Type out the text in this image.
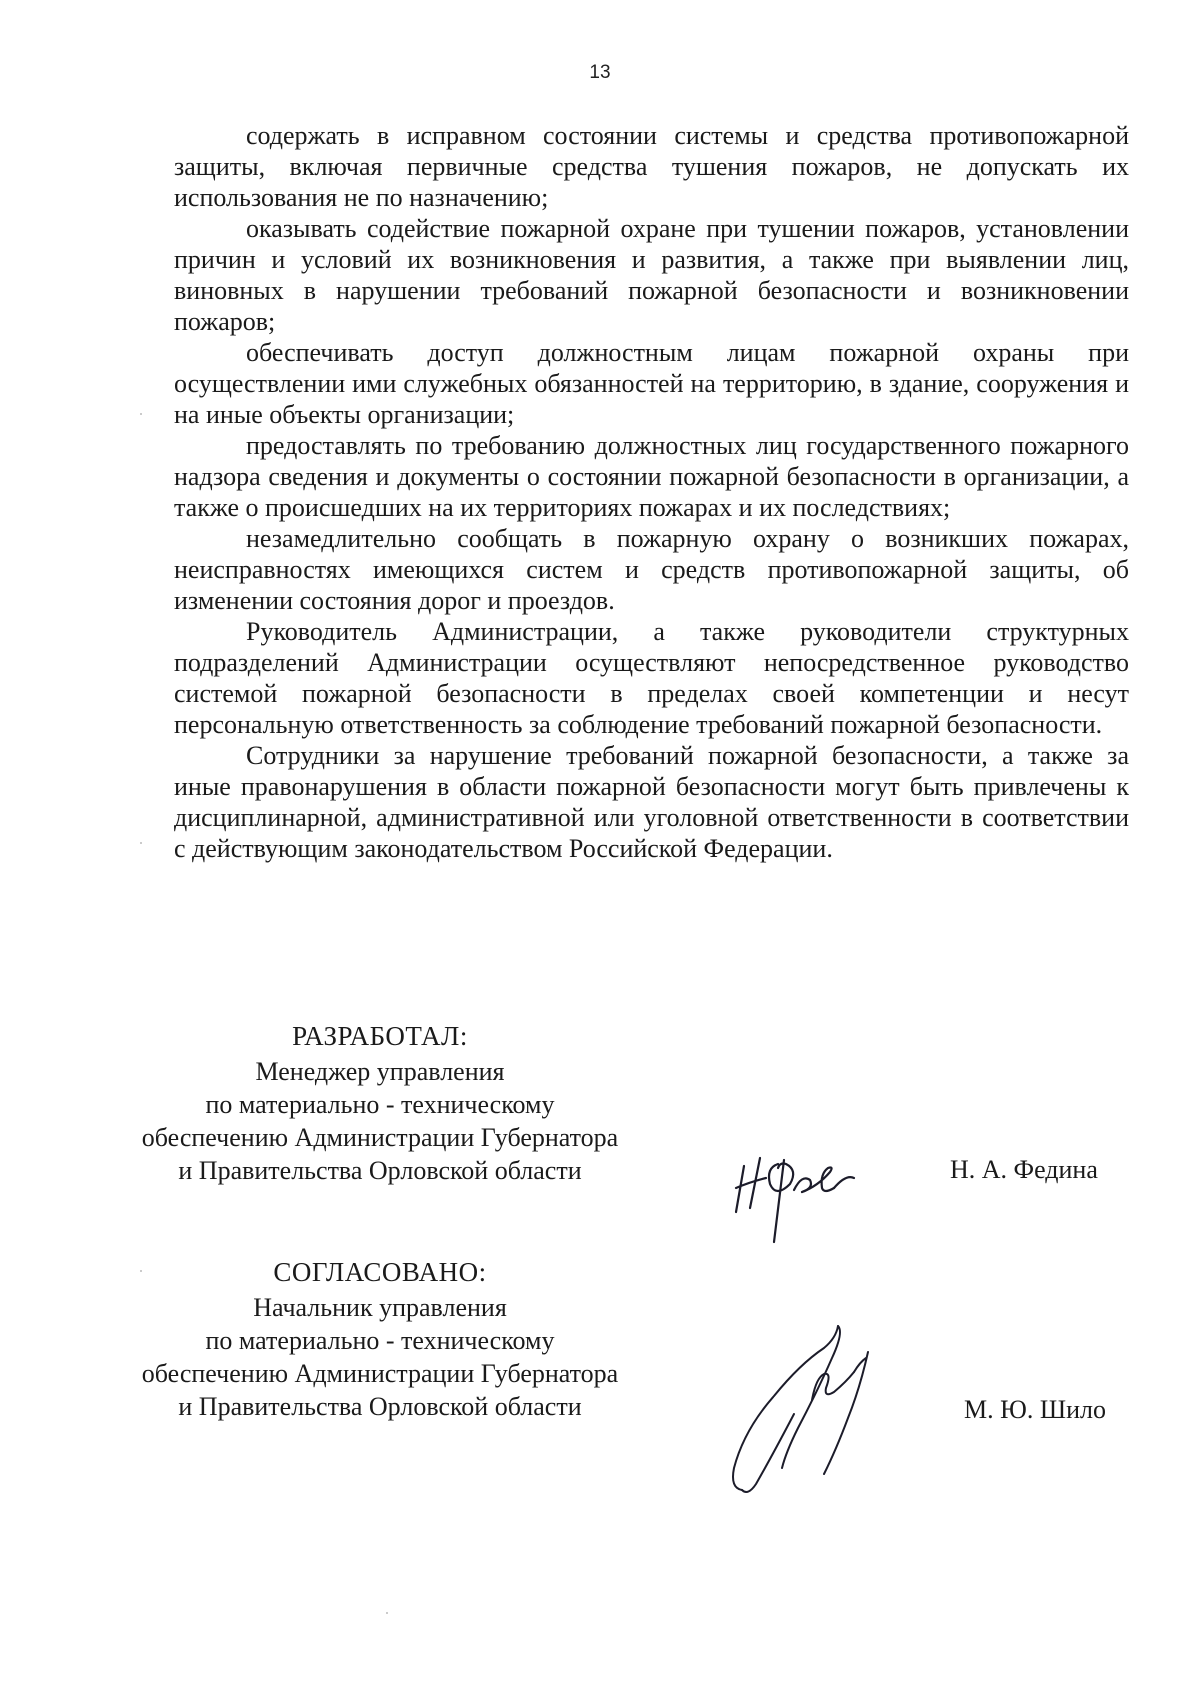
13

содержать в исправном состоянии системы и средства противопожарной защиты, включая первичные средства тушения пожаров, не допускать их использования не по назначению;

оказывать содействие пожарной охране при тушении пожаров, установлении причин и условий их возникновения и развития, а также при выявлении лиц, виновных в нарушении требований пожарной безопасности и возникновении пожаров;

обеспечивать доступ должностным лицам пожарной охраны при осуществлении ими служебных обязанностей на территорию, в здание, сооружения и на иные объекты организации;

предоставлять по требованию должностных лиц государственного пожарного надзора сведения и документы о состоянии пожарной безопасности в организации, а также о происшедших на их территориях пожарах и их последствиях;

незамедлительно сообщать в пожарную охрану о возникших пожарах, неисправностях имеющихся систем и средств противопожарной защиты, об изменении состояния дорог и проездов.

Руководитель Администрации, а также руководители структурных подразделений Администрации осуществляют непосредственное руководство системой пожарной безопасности в пределах своей компетенции и несут персональную ответственность за соблюдение требований пожарной безопасности.

Сотрудники за нарушение требований пожарной безопасности, а также за иные правонарушения в области пожарной безопасности могут быть привлечены к дисциплинарной, административной или уголовной ответственности в соответствии с действующим законодательством Российской Федерации.

РАЗРАБОТАЛ:
Менеджер управления
по материально - техническому
обеспечению Администрации Губернатора
и Правительства Орловской области	Н. А. Федина
СОГЛАСОВАНО:
Начальник управления
по материально - техническому
обеспечению Администрации Губернатора
и Правительства Орловской области	М. Ю. Шило
